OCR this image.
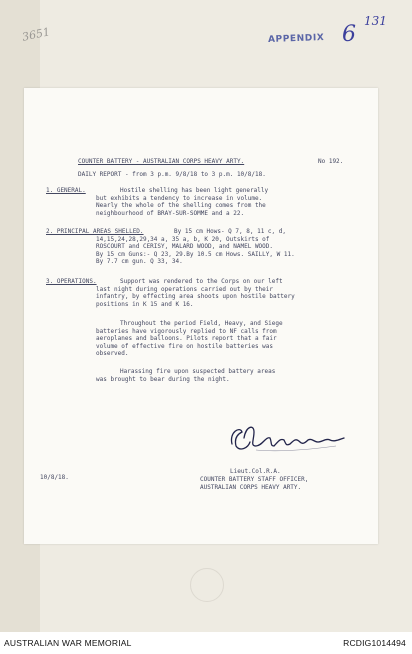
3651	APPENDIX 6
131
COUNTER BATTERY - AUSTRALIAN CORPS HEAVY ARTY.	No 192.
DAILY REPORT - from 3 p.m. 9/8/18 to 3 p.m. 10/8/18.
1. GENERAL.	Hostile shelling has been light generally
but exhibits a tendency to increase in volume.
Nearly the whole of the shelling comes from the
neighbourhood of BRAY-SUR-SOMME and a 22.
2. PRINCIPAL AREAS SHELLED.	By 15 cm Hows- Q 7, 8, 11 c, d,
14,15,24,28,29,34 a, 35 a, b, K 20, Outskirts of
ROSCOURT and CERISY, MALARD WOOD, and NAMEL WOOD.
By 15 cm Guns:- Q 23, 29.By 10.5 cm Hows. SAILLY, W 11.
By 7.7 cm gun. Q 33, 34.
3. OPERATIONS.	Support was rendered to the Corps on our left
last night during operations carried out by their
infantry, by effecting area shoots upon hostile battery
positions in K 15 and K 16.
Throughout the period Field, Heavy, and Siege
batteries have vigorously replied to NF calls from
aeroplanes and balloons. Pilots report that a fair
volume of effective fire on hostile batteries was
observed.
Harassing fire upon suspected battery areas
was brought to bear during the night.
Lieut.Col.R.A.
COUNTER BATTERY STAFF OFFICER,
AUSTRALIAN CORPS HEAVY ARTY.
10/8/18.
AUSTRALIAN WAR MEMORIAL	RCDIG1014494
